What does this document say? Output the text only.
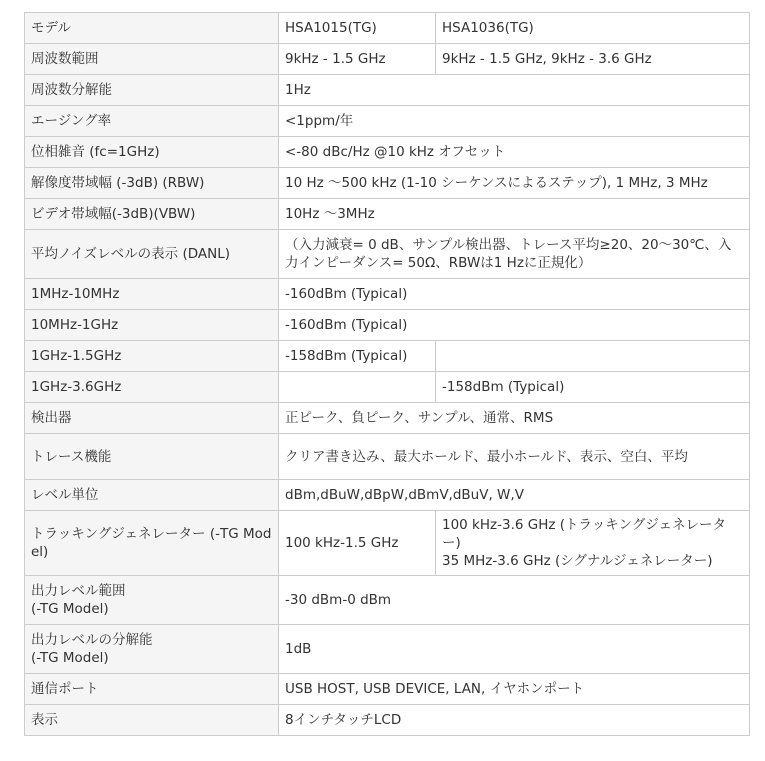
モデル	HSA1015(TG)	HSA1036(TG)

周波数範囲	9kHz - 1.5 GHz	9kHz - 1.5 GHz, 9kHz - 3.6 GHz

周波数分解能	1Hz	

エージング率	<1ppm/年	

位相雑音 (fc=1GHz)	<-80 dBc/Hz @10 kHz オフセット	

解像度帯域幅 (-3dB) (RBW)	10 Hz ～500 kHz (1-10 シーケンスによるステップ), 1 MHz, 3 MHz	

ビデオ帯域幅(-3dB)(VBW)	10Hz ～3MHz	

平均ノイズレベルの表示 (DANL)	（入力減衰= 0 dB、サンプル検出器、トレース平均≥20、20～30℃、入力インピーダンス= 50Ω、RBWは1 Hzに正規化）	

1MHz-10MHz	-160dBm (Typical)	

10MHz-1GHz	-160dBm (Typical)	

1GHz-1.5GHz	-158dBm (Typical)	

1GHz-3.6GHz		-158dBm (Typical)

検出器	正ピーク、負ピーク、サンプル、通常、RMS	

トレース機能	クリア書き込み、最大ホールド、最小ホールド、表示、空白、平均	

レベル単位	dBm,dBuW,dBpW,dBmV,dBuV, W,V	

トラッキングジェネレーター (-TG Model)	100 kHz-1.5 GHz	100 kHz-3.6 GHz (トラッキングジェネレーター)
35 MHz-3.6 GHz (シグナルジェネレーター)

出力レベル範囲
(-TG Model)	-30 dBm-0 dBm	

出力レベルの分解能
(-TG Model)	1dB	

通信ポート	USB HOST, USB DEVICE, LAN, イヤホンポート	

表示	8インチタッチLCD	
